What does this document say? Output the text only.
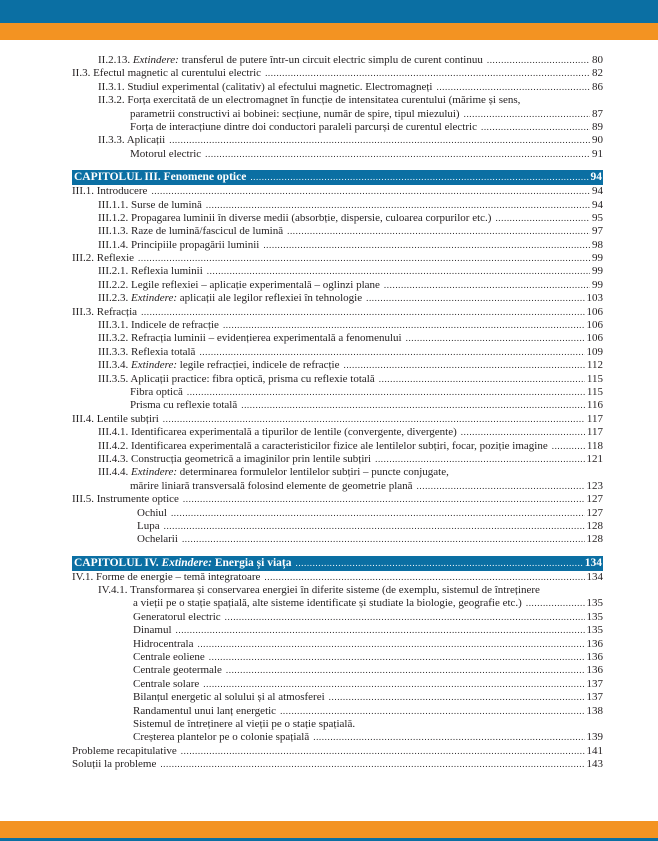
II.2.13. Extindere: transferul de putere într-un circuit electric simplu de curent continuu .....	80
II.3. Efectul magnetic al curentului electric .....	82
II.3.1. Studiul experimental (calitativ) al efectului magnetic. Electromagneți .....	86
II.3.2. Forța exercitată de un electromagnet în funcție de intensitatea curentului (mărime și sens,
parametrii constructivi ai bobinei: secțiune, număr de spire, tipul miezului) .....	87
Forța de interacțiune dintre doi conductori paraleli parcurși de curentul electric .....	89
II.3.3. Aplicații .....	90
Motorul electric .....	91
CAPITOLUL III. Fenomene optice .....	94
III.1. Introducere .....	94
III.1.1. Surse de lumină .....	94
III.1.2. Propagarea luminii în diverse medii (absorbție, dispersie, culoarea corpurilor etc.) .....	95
III.1.3. Raze de lumină/fascicul de lumină .....	97
III.1.4. Principiile propagării luminii .....	98
III.2. Reflexie .....	99
III.2.1. Reflexia luminii .....	99
III.2.2. Legile reflexiei – aplicație experimentală – oglinzi plane .....	99
III.2.3. Extindere: aplicații ale legilor reflexiei în tehnologie .....	103
III.3. Refracția .....	106
III.3.1. Indicele de refracție .....	106
III.3.2. Refracția luminii – evidențierea experimentală a fenomenului .....	106
III.3.3. Reflexia totală .....	109
III.3.4. Extindere: legile refracției, indicele de refracție .....	112
III.3.5. Aplicații practice: fibra optică, prisma cu reflexie totală .....	115
Fibra optică .....	115
Prisma cu reflexie totală .....	116
III.4. Lentile subțiri .....	117
III.4.1. Identificarea experimentală a tipurilor de lentile (convergente, divergente) .....	117
III.4.2. Identificarea experimentală a caracteristicilor fizice ale lentilelor subțiri, focar, poziție imagine .....	118
III.4.3. Construcția geometrică a imaginilor prin lentile subțiri .....	121
III.4.4. Extindere: determinarea formulelor lentilelor subțiri – puncte conjugate,
mărire liniară transversală folosind elemente de geometrie plană .....	123
III.5. Instrumente optice .....	127
Ochiul .....	127
Lupa .....	128
Ochelarii .....	128
CAPITOLUL IV. Extindere: Energia și viața .....	134
IV.1. Forme de energie – temă integratoare .....	134
IV.4.1. Transformarea și conservarea energiei în diferite sisteme (de exemplu, sistemul de întreținere
a vieții pe o stație spațială, alte sisteme identificate și studiate la biologie, geografie etc.) .....	135
Generatorul electric .....	135
Dinamul .....	135
Hidrocentrala .....	136
Centrale eoliene .....	136
Centrale geotermale .....	136
Centrale solare .....	137
Bilanțul energetic al solului și al atmosferei .....	137
Randamentul unui lanț energetic .....	138
Sistemul de întreținere al vieții pe o stație spațială.
Creșterea plantelor pe o colonie spațială .....	139
Probleme recapitulative .....	141
Soluții la probleme .....	143
